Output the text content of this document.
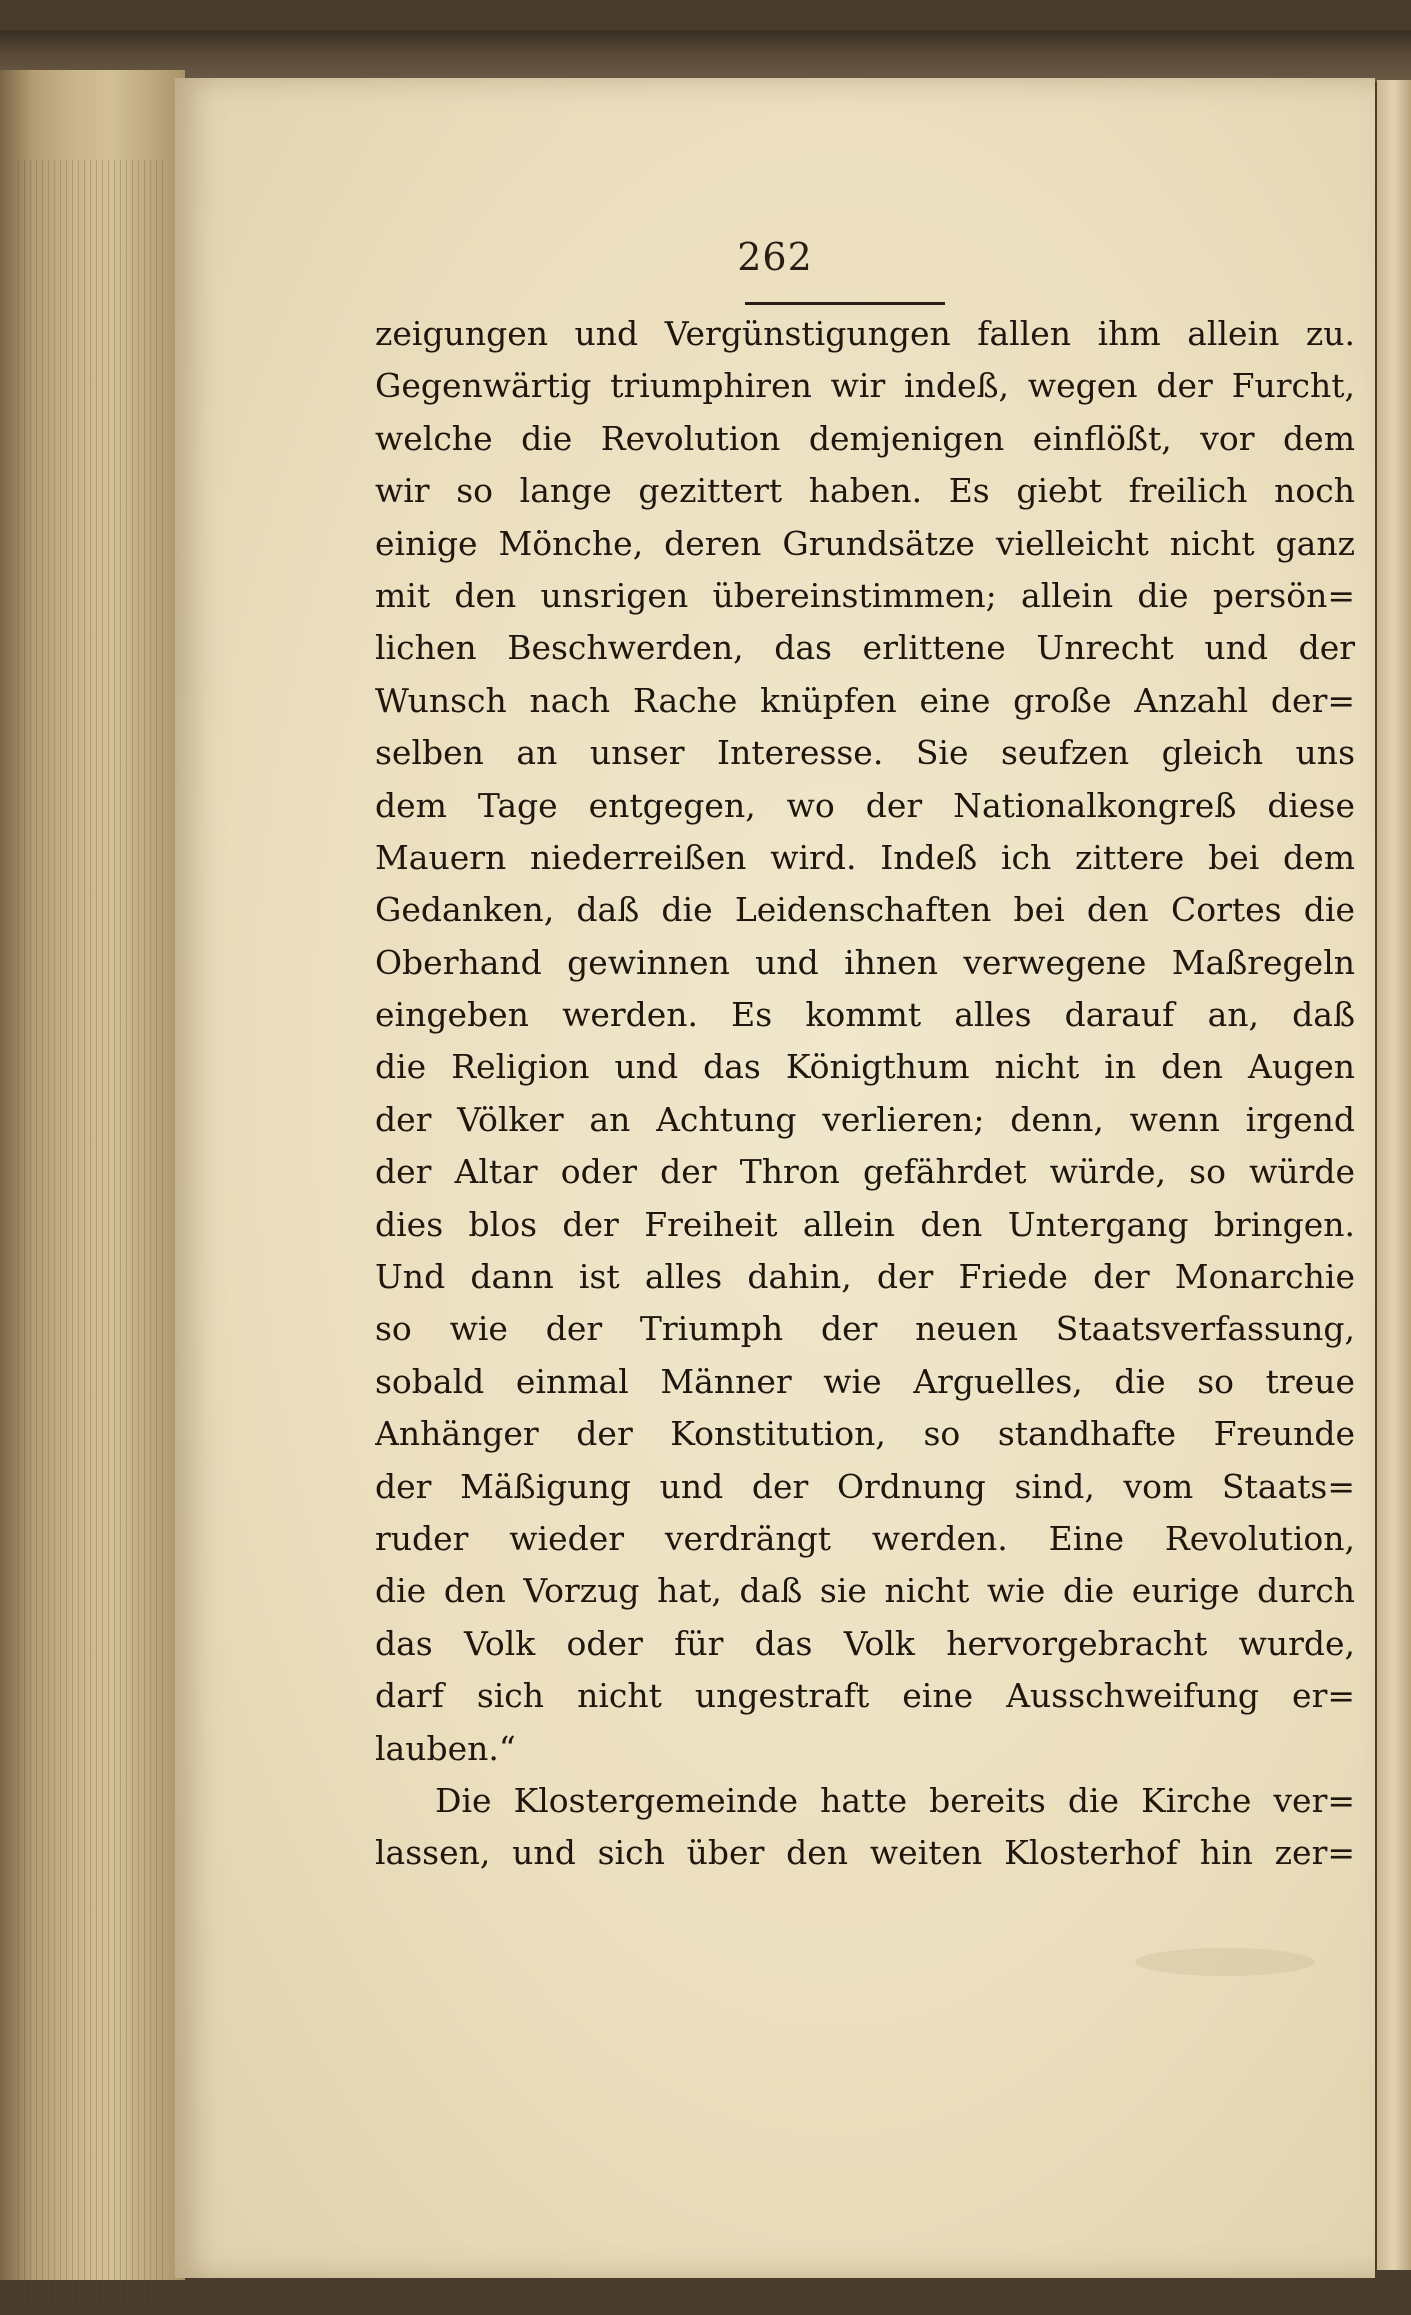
262
zeigungen und Vergünstigungen fallen ihm allein zu.
Gegenwärtig triumphiren wir indeß, wegen der Furcht,
welche die Revolution demjenigen einflößt, vor dem
wir so lange gezittert haben. Es giebt freilich noch
einige Mönche, deren Grundsätze vielleicht nicht ganz
mit den unsrigen übereinstimmen; allein die persön=
lichen Beschwerden, das erlittene Unrecht und der
Wunsch nach Rache knüpfen eine große Anzahl der=
selben an unser Interesse. Sie seufzen gleich uns
dem Tage entgegen, wo der Nationalkongreß diese
Mauern niederreißen wird. Indeß ich zittere bei dem
Gedanken, daß die Leidenschaften bei den Cortes die
Oberhand gewinnen und ihnen verwegene Maßregeln
eingeben werden. Es kommt alles darauf an, daß
die Religion und das Königthum nicht in den Augen
der Völker an Achtung verlieren; denn, wenn irgend
der Altar oder der Thron gefährdet würde, so würde
dies blos der Freiheit allein den Untergang bringen.
Und dann ist alles dahin, der Friede der Monarchie
so wie der Triumph der neuen Staatsverfassung,
sobald einmal Männer wie Arguelles, die so treue
Anhänger der Konstitution, so standhafte Freunde
der Mäßigung und der Ordnung sind, vom Staats=
ruder wieder verdrängt werden. Eine Revolution,
die den Vorzug hat, daß sie nicht wie die eurige durch
das Volk oder für das Volk hervorgebracht wurde,
darf sich nicht ungestraft eine Ausschweifung er=
lauben.“
Die Klostergemeinde hatte bereits die Kirche ver=
lassen, und sich über den weiten Klosterhof hin zer=
